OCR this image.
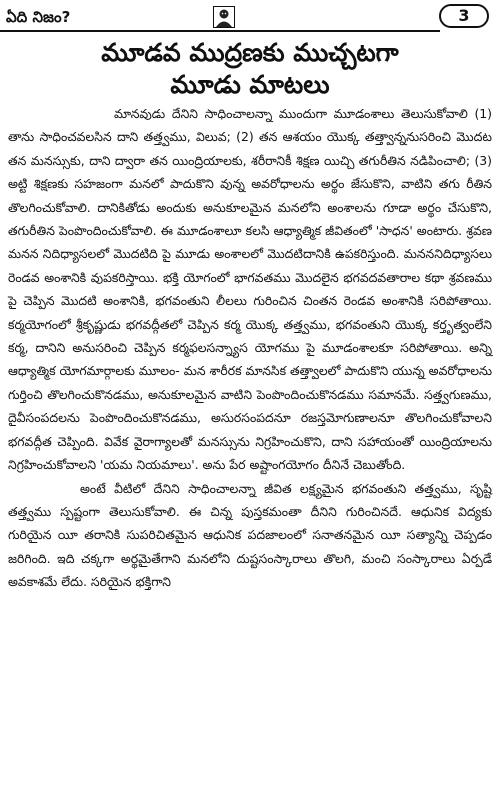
ఏది నిజం?	3
మూడవ ముద్రణకు ముచ్చటగా
మూడు మాటలు

మానవుడు దేనిని సాధించాలన్నా ముందుగా మూడంశాలు తెలుసుకోవాలి (1) తాను సాధించవలసిన దాని తత్త్వము, విలువ; (2) తన ఆశయం యొక్క తత్త్వాన్ననుసరించి మొదట తన మనస్సుకు, దాని ద్వారా తన యింద్రియాలకు, శరీరానికీ శిక్షణ యిచ్చి తగురీతిన నడిపించాలి; (3) అట్టి శిక్షణకు సహజంగా మనలో పాదుకొని వున్న అవరోధాలను అర్థం జేసుకొని, వాటిని తగు రీతిన తొలగించుకోవాలి. దానికితోడు అందుకు అనుకూలమైన మనలోని అంశాలను గూడా అర్థం చేసుకొని, తగురీతిన పెంపొందించుకోవాలి. ఈ మూడంశాలూ కలసి ఆధ్యాత్మిక జీవితంలో 'సాధన' అంటారు. శ్రవణ మనన నిదిధ్యాసలలో మొదటిది పై మూడు అంశాలలో మొదటిదానికి ఉపకరిస్తుంది. మనననిదిధ్యాసలు రెండవ అంశానికి వుపకరిస్తాయి. భక్తి యోగంలో భాగవతము మొదలైన భగవదవతారాల కథా శ్రవణము పై చెప్పిన మొదటి అంశానికి, భగవంతుని లీలలు గురించిన చింతన రెండవ అంశానికి సరిపోతాయి. కర్మయోగంలో శ్రీకృష్ణుడు భగవద్గీతలో చెప్పిన కర్మ యొక్క తత్త్వము, భగవంతుని యొక్క కర్తృత్వంలేని కర్మ, దానిని అనుసరించి చెప్పిన కర్మఫలసన్న్యాస యోగము పై మూడంశాలకూ సరిపోతాయి. అన్ని ఆధ్యాత్మిక యోగమార్గాలకు మూలం- మన శారీరక మానసిక తత్త్వాలలో పాదుకొని యున్న అవరోధాలను గుర్తించి తొలగించుకొనడము, అనుకూలమైన వాటిని పెంపొందించుకొనడము సమానమే. సత్త్వగుణము, దైవీసంపదలను పెంపొందించుకొనడము, అసురసంపదనూ రజస్తమోగుణాలనూ తొలగించుకోవాలని భగవద్గీత చెప్పింది. వివేక వైరాగ్యాలతో మనస్సును నిగ్రహించుకొని, దాని సహాయంతో యింద్రియాలను నిగ్రహించుకోవాలని 'యమ నియమాలు'. అను పేర అష్టాంగయోగం దీనినే చెబుతోంది.

అంటే వీటిలో దేనిని సాధించాలన్నా జీవిత లక్ష్యమైన భగవంతుని తత్త్వము, సృష్టి తత్త్వము స్పష్టంగా తెలుసుకోవాలి. ఈ చిన్న పుస్తకమంతా దీనిని గురించినదే. ఆధునిక విద్యకు గురియైన యీ తరానికి సుపరిచితమైన ఆధునిక పదజాలంలో సనాతనమైన యీ సత్యాన్ని చెప్పడం జరిగింది. ఇది చక్కగా అర్థమైతేగాని మనలోని దుష్టసంస్కారాలు తొలగి, మంచి సంస్కారాలు ఏర్పడే అవకాశమే లేదు. సరియైన భక్తిగాని
